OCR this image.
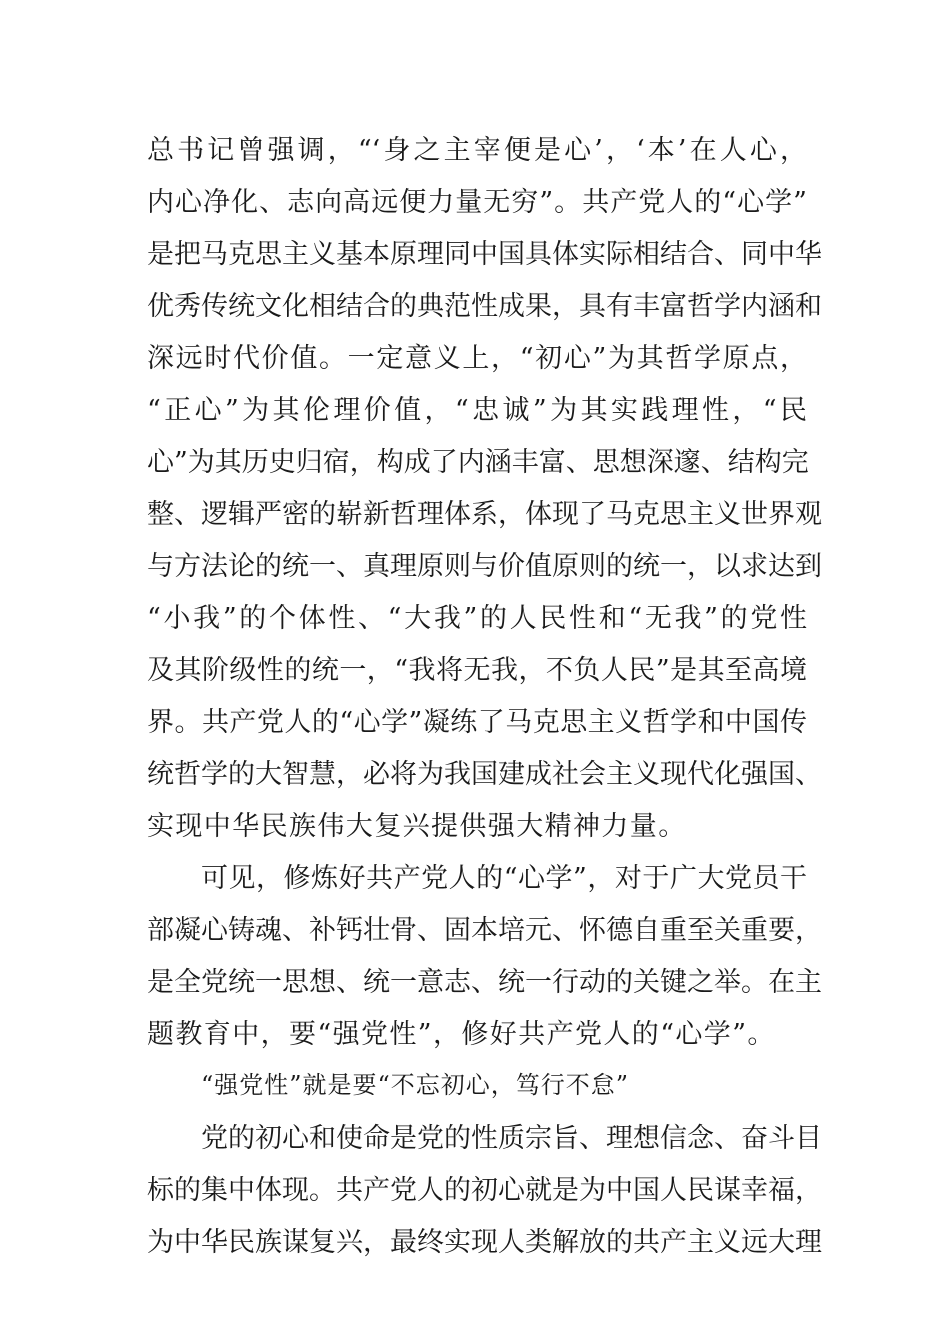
总书记曾强调，“‘身之主宰便是心’，‘本’在人心，
内心净化、志向高远便力量无穷”。共产党人的“心学”
是把马克思主义基本原理同中国具体实际相结合、同中华
优秀传统文化相结合的典范性成果，具有丰富哲学内涵和
深远时代价值。一定意义上，“初心”为其哲学原点，
“正心”为其伦理价值，“忠诚”为其实践理性，“民
心”为其历史归宿，构成了内涵丰富、思想深邃、结构完
整、逻辑严密的崭新哲理体系，体现了马克思主义世界观
与方法论的统一、真理原则与价值原则的统一，以求达到
“小我”的个体性、“大我”的人民性和“无我”的党性
及其阶级性的统一，“我将无我，不负人民”是其至高境
界。共产党人的“心学”凝练了马克思主义哲学和中国传
统哲学的大智慧，必将为我国建成社会主义现代化强国、
实现中华民族伟大复兴提供强大精神力量。
可见，修炼好共产党人的“心学”，对于广大党员干
部凝心铸魂、补钙壮骨、固本培元、怀德自重至关重要，
是全党统一思想、统一意志、统一行动的关键之举。在主
题教育中，要“强党性”，修好共产党人的“心学”。
“强党性”就是要“不忘初心，笃行不怠”
党的初心和使命是党的性质宗旨、理想信念、奋斗目
标的集中体现。共产党人的初心就是为中国人民谋幸福，
为中华民族谋复兴，最终实现人类解放的共产主义远大理
